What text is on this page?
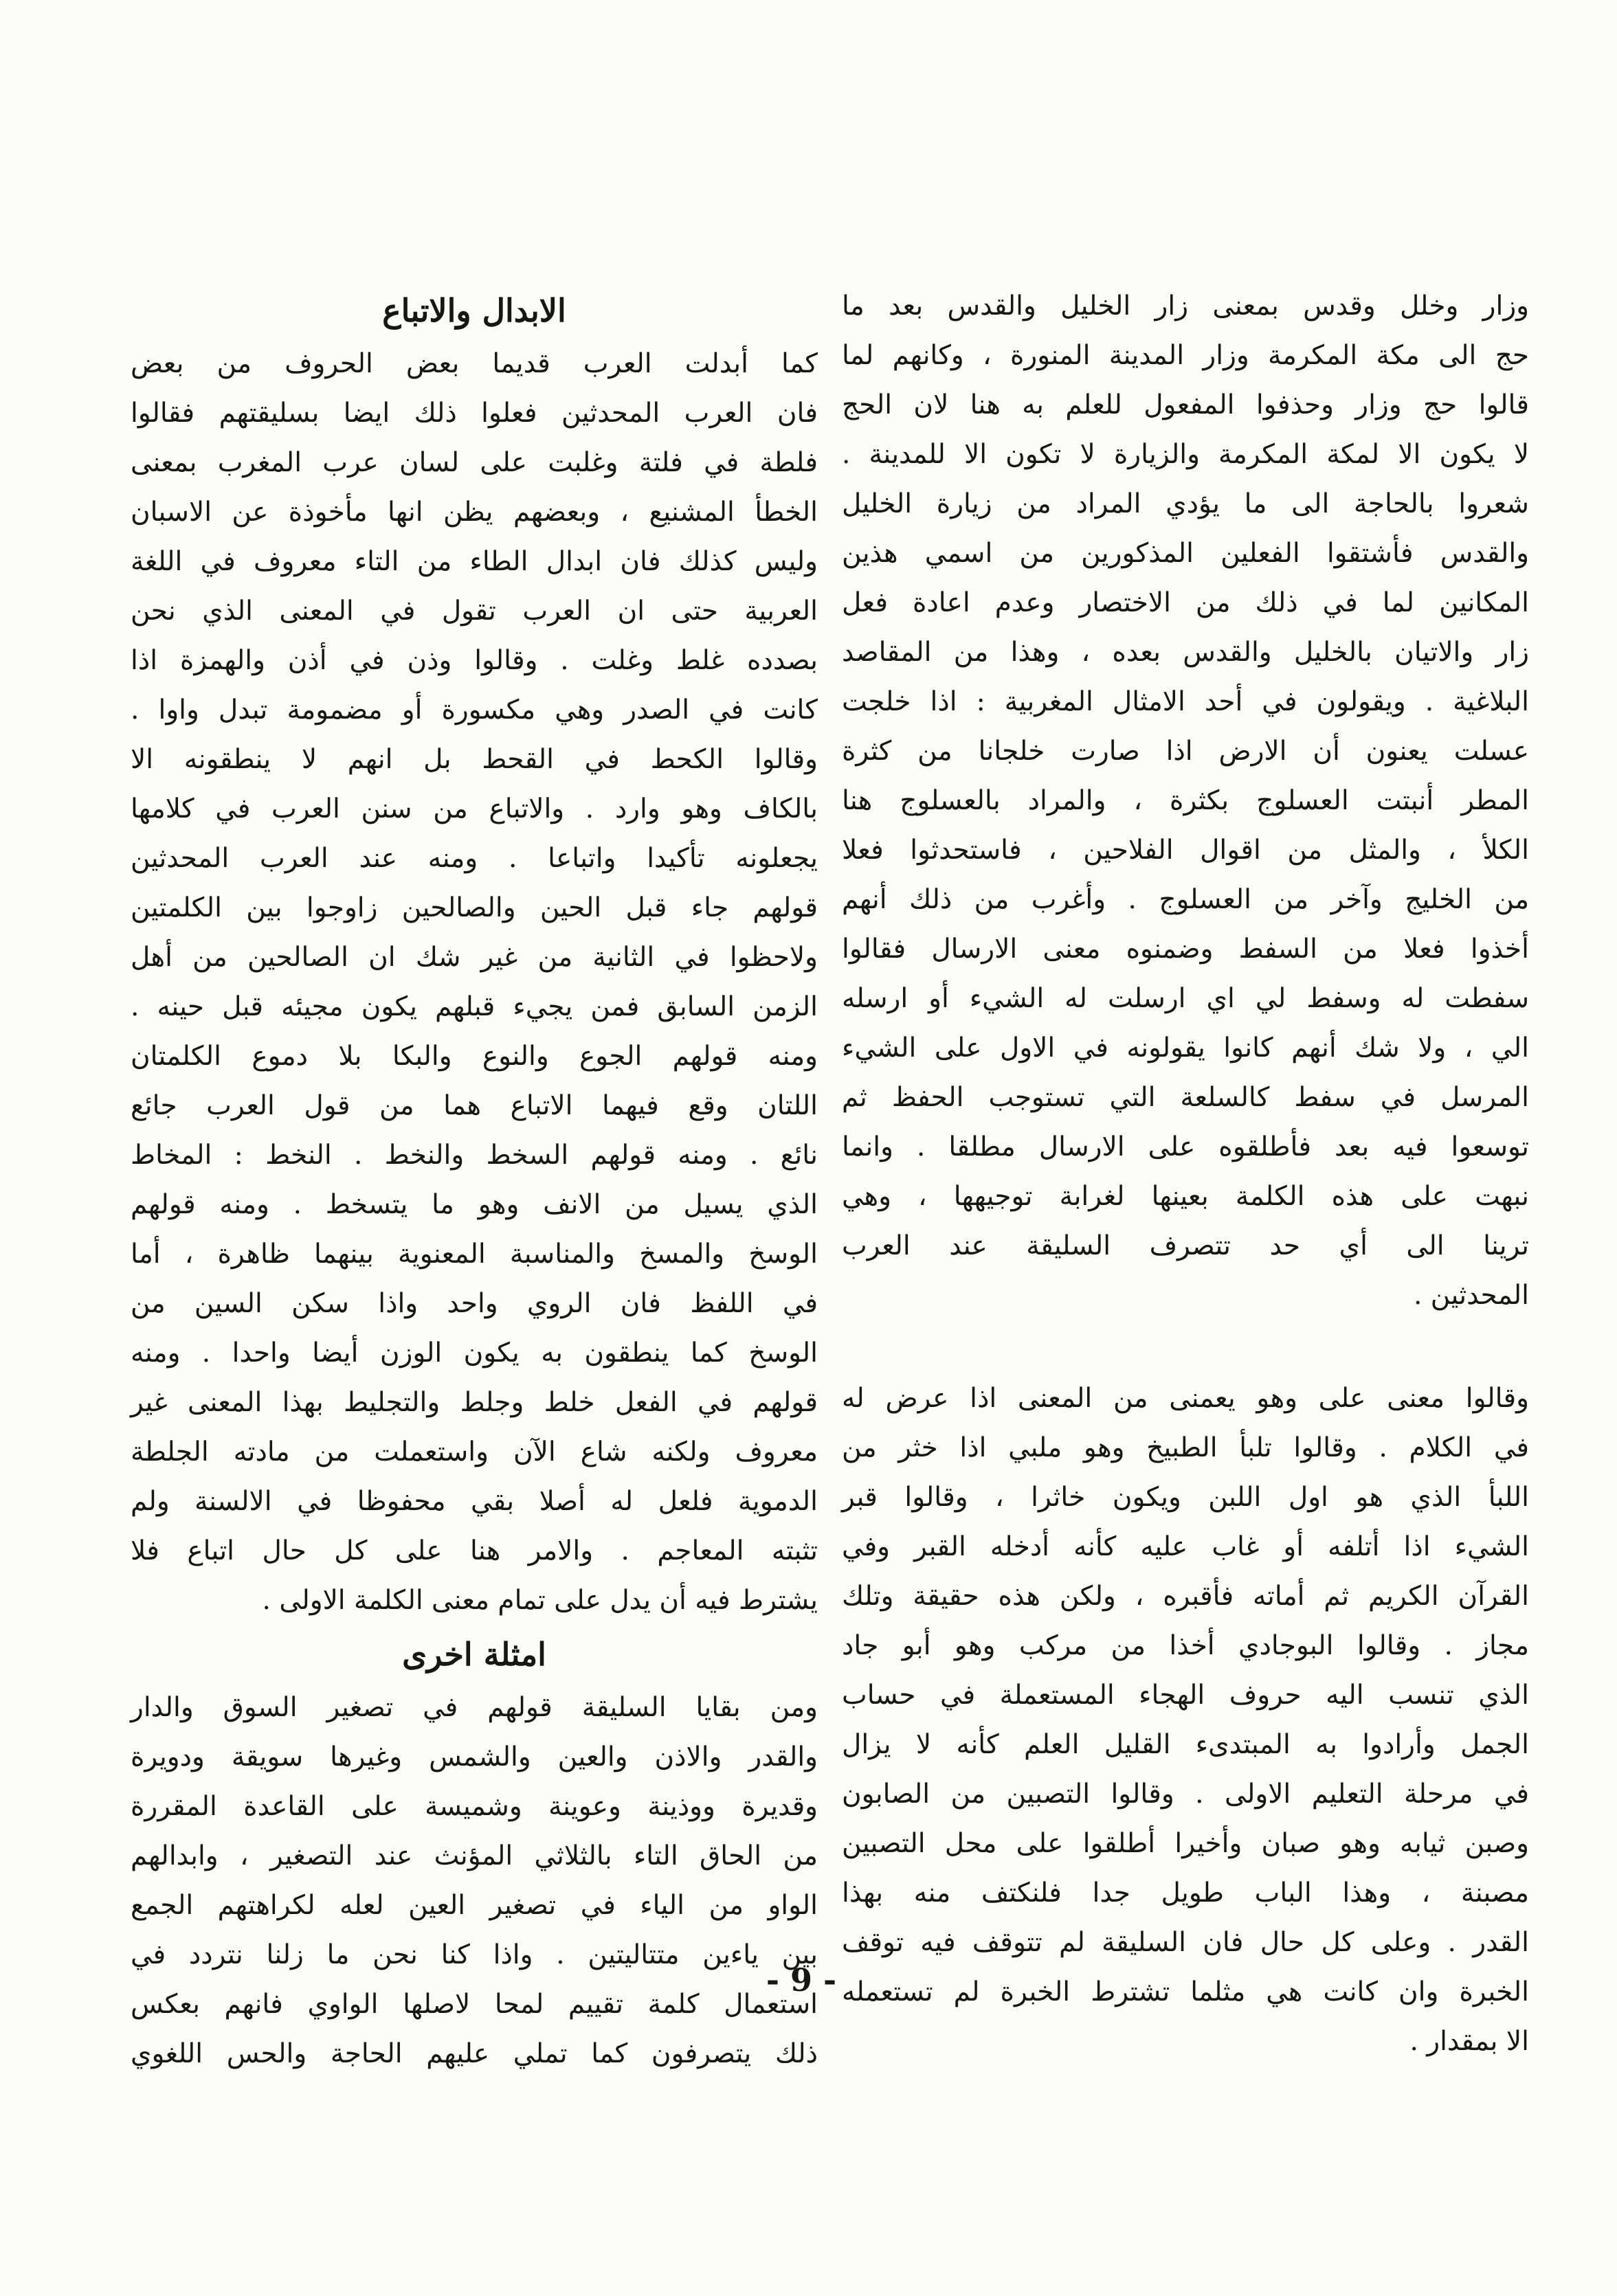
وزار وخلل وقدس بمعنى زار الخليل والقدس بعد ما
حج الى مكة المكرمة وزار المدينة المنورة ، وكانهم لما
قالوا حج وزار وحذفوا المفعول للعلم به هنا لان الحج
لا يكون الا لمكة المكرمة والزيارة لا تكون الا للمدينة .
شعروا بالحاجة الى ما يؤدي المراد من زيارة الخليل
والقدس فأشتقوا الفعلين المذكورين من اسمي هذين
المكانين لما في ذلك من الاختصار وعدم اعادة فعل
زار والاتيان بالخليل والقدس بعده ، وهذا من المقاصد
البلاغية . ويقولون في أحد الامثال المغربية : اذا خلجت
عسلت يعنون أن الارض اذا صارت خلجانا من كثرة
المطر أنبتت العسلوج بكثرة ، والمراد بالعسلوج هنا
الكلأ ، والمثل من اقوال الفلاحين ، فاستحدثوا فعلا
من الخليج وآخر من العسلوج . وأغرب من ذلك أنهم
أخذوا فعلا من السفط وضمنوه معنى الارسال فقالوا
سفطت له وسفط لي اي ارسلت له الشيء أو ارسله
الي ، ولا شك أنهم كانوا يقولونه في الاول على الشيء
المرسل في سفط كالسلعة التي تستوجب الحفظ ثم
توسعوا فيه بعد فأطلقوه على الارسال مطلقا . وانما
نبهت على هذه الكلمة بعينها لغرابة توجيهها ، وهي
ترينا الى أي حد تتصرف السليقة عند العرب
المحدثين .
وقالوا معنى على وهو يعمنى من المعنى اذا عرض له
في الكلام . وقالوا تلبأ الطبيخ وهو ملبي اذا خثر من
اللبأ الذي هو اول اللبن ويكون خاثرا ، وقالوا قبر
الشيء اذا أتلفه أو غاب عليه كأنه أدخله القبر وفي
القرآن الكريم ثم أماته فأقبره ، ولكن هذه حقيقة وتلك
مجاز . وقالوا البوجادي أخذا من مركب وهو أبو جاد
الذي تنسب اليه حروف الهجاء المستعملة في حساب
الجمل وأرادوا به المبتدىء القليل العلم كأنه لا يزال
في مرحلة التعليم الاولى . وقالوا التصبين من الصابون
وصبن ثيابه وهو صبان وأخيرا أطلقوا على محل التصبين
مصبنة ، وهذا الباب طويل جدا فلنكتف منه بهذا
القدر . وعلى كل حال فان السليقة لم تتوقف فيه توقف
الخبرة وان كانت هي مثلما تشترط الخبرة لم تستعمله
الا بمقدار .
الابدال والاتباع
كما أبدلت العرب قديما بعض الحروف من بعض
فان العرب المحدثين فعلوا ذلك ايضا بسليقتهم فقالوا
فلطة في فلتة وغلبت على لسان عرب المغرب بمعنى
الخطأ المشنيع ، وبعضهم يظن انها مأخوذة عن الاسبان
وليس كذلك فان ابدال الطاء من التاء معروف في اللغة
العربية حتى ان العرب تقول في المعنى الذي نحن
بصدده غلط وغلت . وقالوا وذن في أذن والهمزة اذا
كانت في الصدر وهي مكسورة أو مضمومة تبدل واوا .
وقالوا الكحط في القحط بل انهم لا ينطقونه الا
بالكاف وهو وارد . والاتباع من سنن العرب في كلامها
يجعلونه تأكيدا واتباعا . ومنه عند العرب المحدثين
قولهم جاء قبل الحين والصالحين زاوجوا بين الكلمتين
ولاحظوا في الثانية من غير شك ان الصالحين من أهل
الزمن السابق فمن يجيء قبلهم يكون مجيئه قبل حينه .
ومنه قولهم الجوع والنوع والبكا بلا دموع الكلمتان
اللتان وقع فيهما الاتباع هما من قول العرب جائع
نائع . ومنه قولهم السخط والنخط . النخط : المخاط
الذي يسيل من الانف وهو ما يتسخط . ومنه قولهم
الوسخ والمسخ والمناسبة المعنوية بينهما ظاهرة ، أما
في اللفظ فان الروي واحد واذا سكن السين من
الوسخ كما ينطقون به يكون الوزن أيضا واحدا . ومنه
قولهم في الفعل خلط وجلط والتجليط بهذا المعنى غير
معروف ولكنه شاع الآن واستعملت من مادته الجلطة
الدموية فلعل له أصلا بقي محفوظا في الالسنة ولم
تثبته المعاجم . والامر هنا على كل حال اتباع فلا
يشترط فيه أن يدل على تمام معنى الكلمة الاولى .
امثلة اخرى
ومن بقايا السليقة قولهم في تصغير السوق والدار
والقدر والاذن والعين والشمس وغيرها سويقة ودويرة
وقديرة ووذينة وعوينة وشميسة على القاعدة المقررة
من الحاق التاء بالثلاثي المؤنث عند التصغير ، وابدالهم
الواو من الياء في تصغير العين لعله لكراهتهم الجمع
بين ياءين متتاليتين . واذا كنا نحن ما زلنا نتردد في
استعمال كلمة تقييم لمحا لاصلها الواوي فانهم بعكس
ذلك يتصرفون كما تملي عليهم الحاجة والحس اللغوي
- 9 -
